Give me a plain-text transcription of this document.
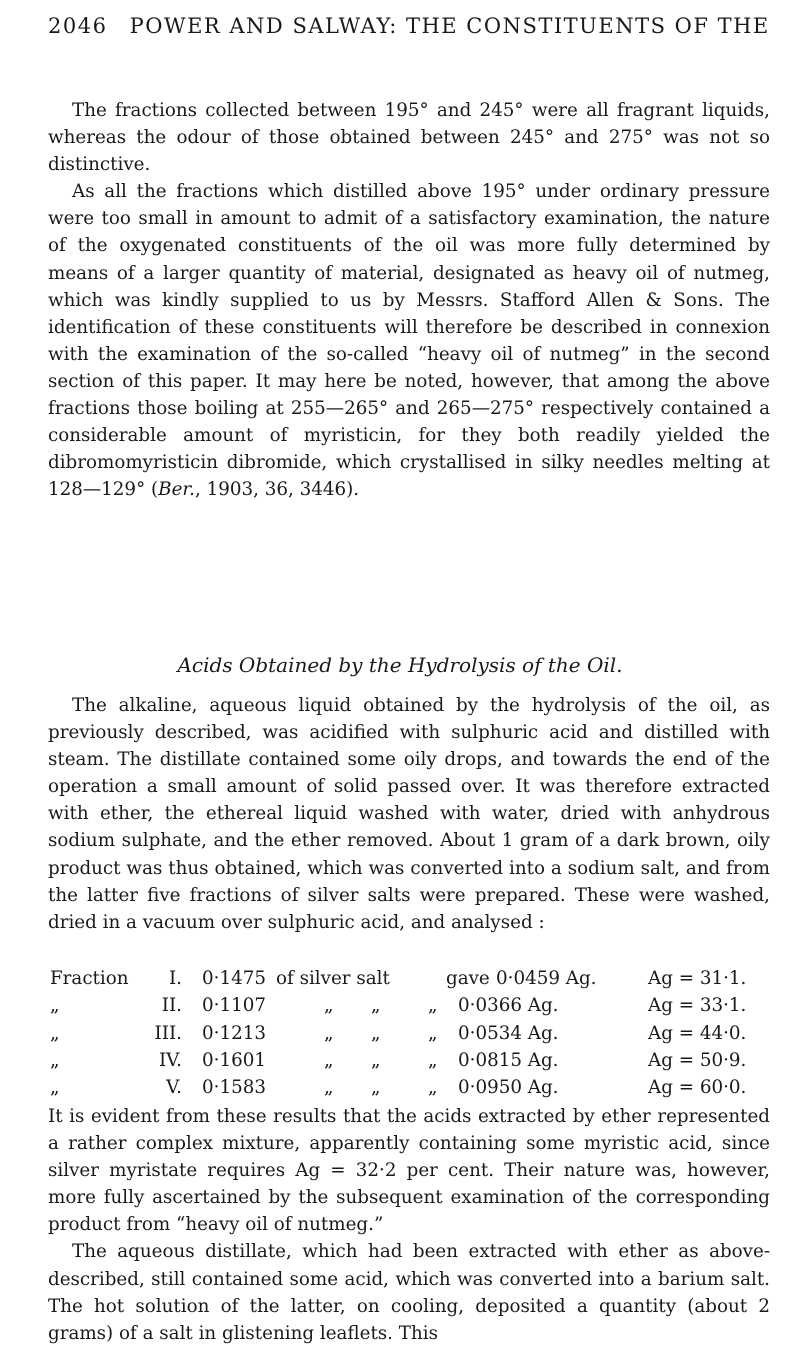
2046 POWER AND SALWAY: THE CONSTITUENTS OF THE

The fractions collected between 195° and 245° were all fragrant liquids, whereas the odour of those obtained between 245° and 275° was not so distinctive.

As all the fractions which distilled above 195° under ordinary pressure were too small in amount to admit of a satisfactory examination, the nature of the oxygenated constituents of the oil was more fully determined by means of a larger quantity of material, designated as heavy oil of nutmeg, which was kindly supplied to us by Messrs. Stafford Allen & Sons. The identification of these constituents will therefore be described in connexion with the examination of the so-called “heavy oil of nutmeg” in the second section of this paper. It may here be noted, however, that among the above fractions those boiling at 255—265° and 265—275° respectively contained a considerable amount of myristicin, for they both readily yielded the dibromomyristicin dibromide, which crystallised in silky needles melting at 128—129° (Ber., 1903, 36, 3446).

Acids Obtained by the Hydrolysis of the Oil.

The alkaline, aqueous liquid obtained by the hydrolysis of the oil, as previously described, was acidified with sulphuric acid and distilled with steam. The distillate contained some oily drops, and towards the end of the operation a small amount of solid passed over. It was therefore extracted with ether, the ethereal liquid washed with water, dried with anhydrous sodium sulphate, and the ether removed. About 1 gram of a dark brown, oily product was thus obtained, which was converted into a sodium salt, and from the latter five fractions of silver salts were prepared. These were washed, dried in a vacuum over sulphuric acid, and analysed :

Fraction	I. 0·1475 of silver salt	gave 0·0459 Ag.	Ag = 31·1.
„	II. 0·1107	„ „	„ 0·0366 Ag.	Ag = 33·1.
„	III. 0·1213	„ „	„ 0·0534 Ag.	Ag = 44·0.
„	IV. 0·1601	„ „	„ 0·0815 Ag.	Ag = 50·9.
„	V. 0·1583	„ „	„ 0·0950 Ag.	Ag = 60·0.

It is evident from these results that the acids extracted by ether represented a rather complex mixture, apparently containing some myristic acid, since silver myristate requires Ag = 32·2 per cent. Their nature was, however, more fully ascertained by the subsequent examination of the corresponding product from “heavy oil of nutmeg.”

The aqueous distillate, which had been extracted with ether as above-described, still contained some acid, which was converted into a barium salt. The hot solution of the latter, on cooling, deposited a quantity (about 2 grams) of a salt in glistening leaflets. This
